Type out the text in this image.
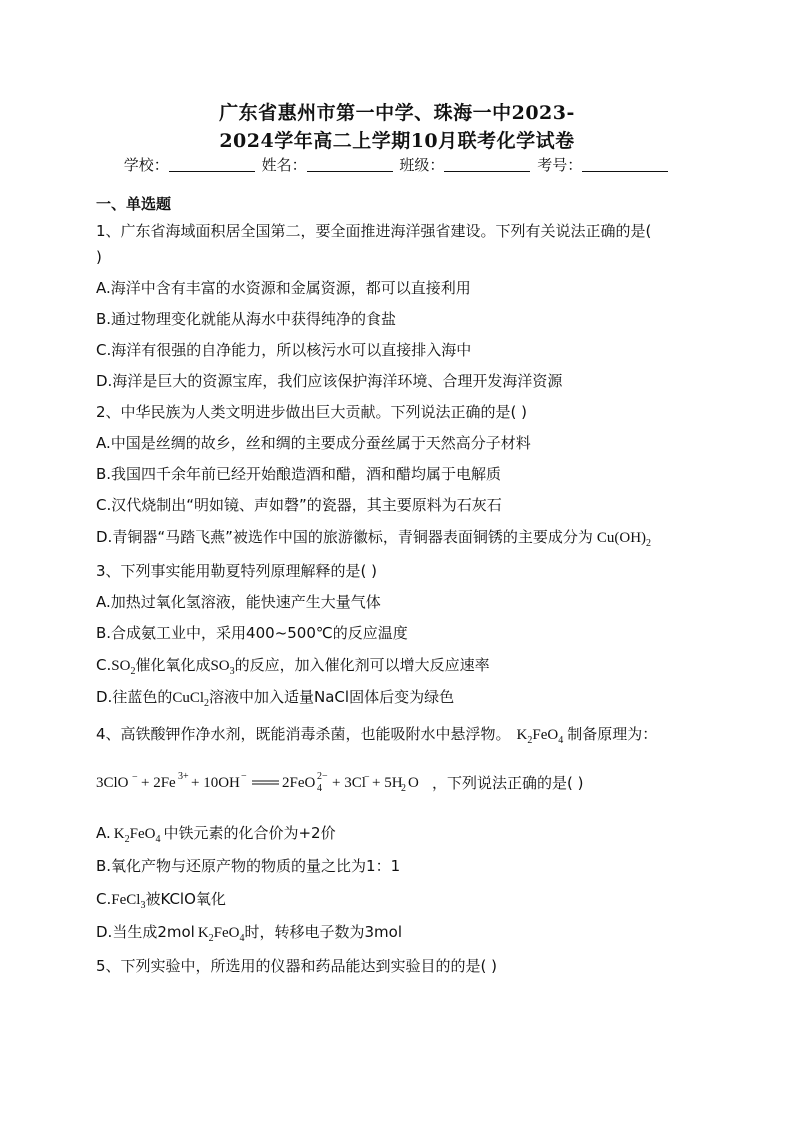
广东省惠州市第一中学、珠海一中2023-
2024学年高二上学期10月联考化学试卷
学校：	姓名：	班级：	考号：
一、单选题
1、广东省海域面积居全国第二，要全面推进海洋强省建设。下列有关说法正确的是(
)
A.海洋中含有丰富的水资源和金属资源，都可以直接利用
B.通过物理变化就能从海水中获得纯净的食盐
C.海洋有很强的自净能力，所以核污水可以直接排入海中
D.海洋是巨大的资源宝库，我们应该保护海洋环境、合理开发海洋资源
2、中华民族为人类文明进步做出巨大贡献。下列说法正确的是( )
A.中国是丝绸的故乡，丝和绸的主要成分蚕丝属于天然高分子材料
B.我国四千余年前已经开始酿造酒和醋，酒和醋均属于电解质
C.汉代烧制出“明如镜、声如磬”的瓷器，其主要原料为石灰石
D.青铜器“马踏飞燕”被选作中国的旅游徽标，青铜器表面铜锈的主要成分为 $Cu(OH)_2$
3、下列事实能用勒夏特列原理解释的是( )
A.加热过氧化氢溶液，能快速产生大量气体
B.合成氨工业中，采用400~500℃的反应温度
$C.SO_2$催化氧化成$SO_3$的反应，加入催化剂可以增大反应速率
D.往蓝色的CuCl$_2$溶液中加入适量NaCl固体后变为绿色
4、高铁酸钾作净水剂，既能消毒杀菌，也能吸附水中悬浮物。 $K_2FeO_4$ 制备原理为：
3ClO − + 2Fe 3+ + 10OH − 2FeO 2−
4 + 3Cl
− + 5H
2 O ，下列说法正确的是( )
A. $K_2FeO_4$ 中铁元素的化合价为+2价
B.氧化产物与还原产物的物质的量之比为1：1
C.FeCl$_3$被KClO氧化
D.当生成2mol $K_2FeO_4$时，转移电子数为3mol
5、下列实验中，所选用的仪器和药品能达到实验目的的是( )
